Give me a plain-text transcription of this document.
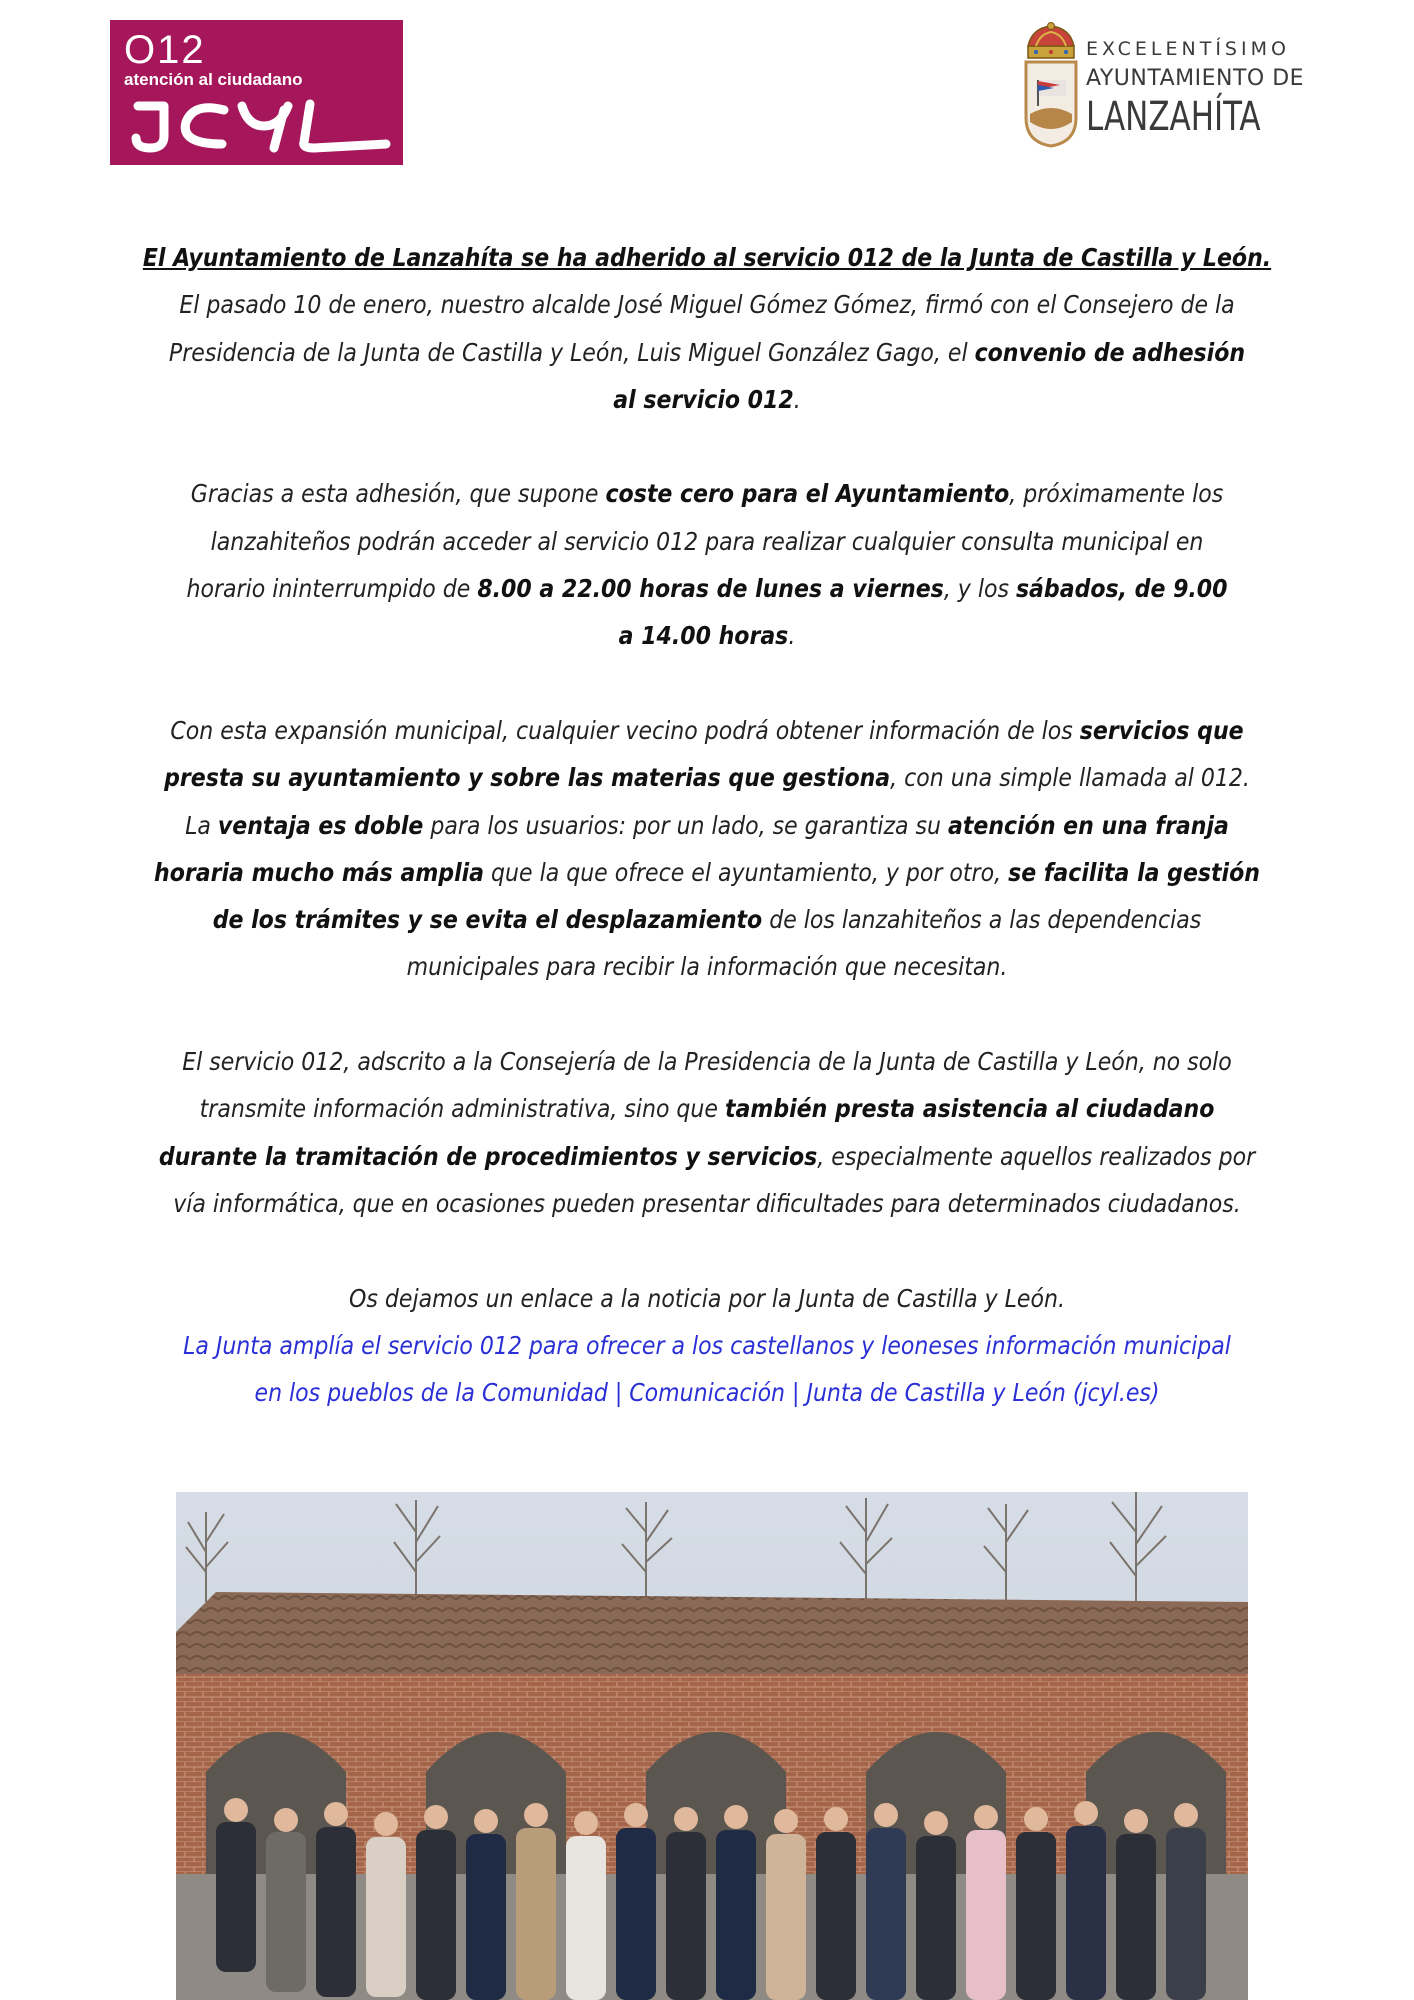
O12
atención al ciudadano
EXCELENTÍSIMO
AYUNTAMIENTO DE
LANZAHÍTA

El Ayuntamiento de Lanzahíta se ha adherido al servicio 012 de la Junta de Castilla y León.

El pasado 10 de enero, nuestro alcalde José Miguel Gómez Gómez, firmó con el Consejero de la
Presidencia de la Junta de Castilla y León, Luis Miguel González Gago, el convenio de adhesión
al servicio 012.

Gracias a esta adhesión, que supone coste cero para el Ayuntamiento, próximamente los
lanzahiteños podrán acceder al servicio 012 para realizar cualquier consulta municipal en
horario ininterrumpido de 8.00 a 22.00 horas de lunes a viernes, y los sábados, de 9.00
a 14.00 horas.

Con esta expansión municipal, cualquier vecino podrá obtener información de los servicios que
presta su ayuntamiento y sobre las materias que gestiona, con una simple llamada al 012.
La ventaja es doble para los usuarios: por un lado, se garantiza su atención en una franja
horaria mucho más amplia que la que ofrece el ayuntamiento, y por otro, se facilita la gestión
de los trámites y se evita el desplazamiento de los lanzahiteños a las dependencias
municipales para recibir la información que necesitan.

El servicio 012, adscrito a la Consejería de la Presidencia de la Junta de Castilla y León, no solo
transmite información administrativa, sino que también presta asistencia al ciudadano
durante la tramitación de procedimientos y servicios, especialmente aquellos realizados por
vía informática, que en ocasiones pueden presentar dificultades para determinados ciudadanos.

Os dejamos un enlace a la noticia por la Junta de Castilla y León.
La Junta amplía el servicio 012 para ofrecer a los castellanos y leoneses información municipal
en los pueblos de la Comunidad | Comunicación | Junta de Castilla y León (jcyl.es)
